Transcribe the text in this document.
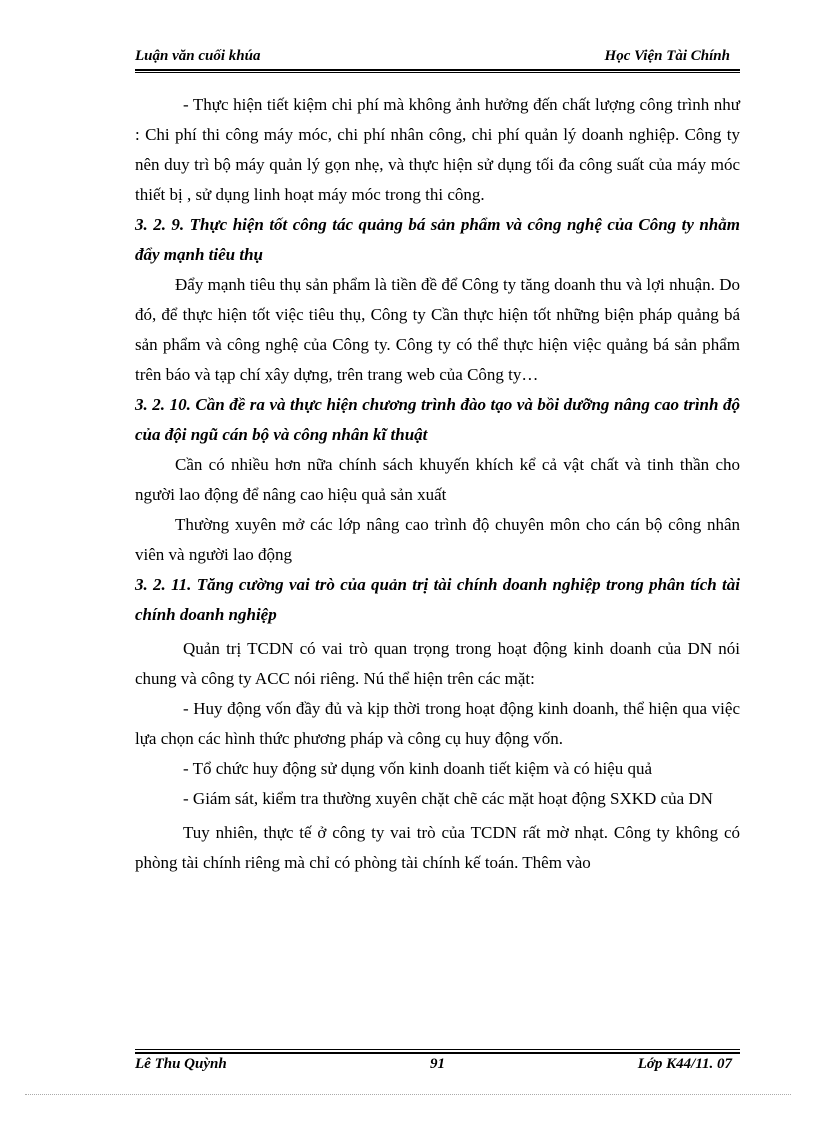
Luận văn cuối khúa	Học Viện Tài Chính

- Thực hiện tiết kiệm chi phí mà không ảnh hưởng đến chất lượng công trình như : Chi phí thi công máy móc, chi phí nhân công, chi phí quản lý doanh nghiệp. Công ty nên duy trì bộ máy quản lý gọn nhẹ, và thực hiện sử dụng tối đa công suất của máy móc thiết bị , sử dụng linh hoạt máy móc trong thi công.

3. 2. 9. Thực hiện tốt công tác quảng bá sản phẩm và công nghệ của Công ty nhằm đẩy mạnh tiêu thụ

Đẩy mạnh tiêu thụ sản phẩm là tiền đề để Công ty tăng doanh thu và lợi nhuận. Do đó, để thực hiện tốt việc tiêu thụ, Công ty Cần thực hiện tốt những biện pháp quảng bá sản phẩm và công nghệ của Công ty. Công ty có thể thực hiện việc quảng bá sản phẩm trên báo và tạp chí xây dựng, trên trang web của Công ty…

3. 2. 10. Cần đề ra và thực hiện chương trình đào tạo và bồi dưỡng nâng cao trình độ của đội ngũ cán bộ và công nhân kĩ thuật

Cần có nhiều hơn nữa chính sách khuyến khích kể cả vật chất và tinh thần cho người lao động để nâng cao hiệu quả sản xuất

Thường xuyên mở các lớp nâng cao trình độ chuyên môn cho cán bộ công nhân viên và người lao động

3. 2. 11. Tăng cường vai trò của quản trị tài chính doanh nghiệp trong phân tích tài chính doanh nghiệp

Quản trị TCDN có vai trò quan trọng trong hoạt động kinh doanh của DN nói chung và công ty ACC nói riêng. Nú thể hiện trên các mặt:

- Huy động vốn đầy đủ và kịp thời trong hoạt động kinh doanh, thể hiện qua việc lựa chọn các hình thức phương pháp và công cụ huy động vốn.

- Tổ chức huy động sử dụng vốn kinh doanh tiết kiệm và có hiệu quả

- Giám sát, kiểm tra thường xuyên chặt chẽ các mặt hoạt động SXKD của DN

Tuy nhiên, thực tế ở công ty vai trò của TCDN rất mờ nhạt. Công ty không có phòng tài chính riêng mà chỉ có phòng tài chính kế toán. Thêm vào

Lê Thu Quỳnh	91	Lớp K44/11. 07
